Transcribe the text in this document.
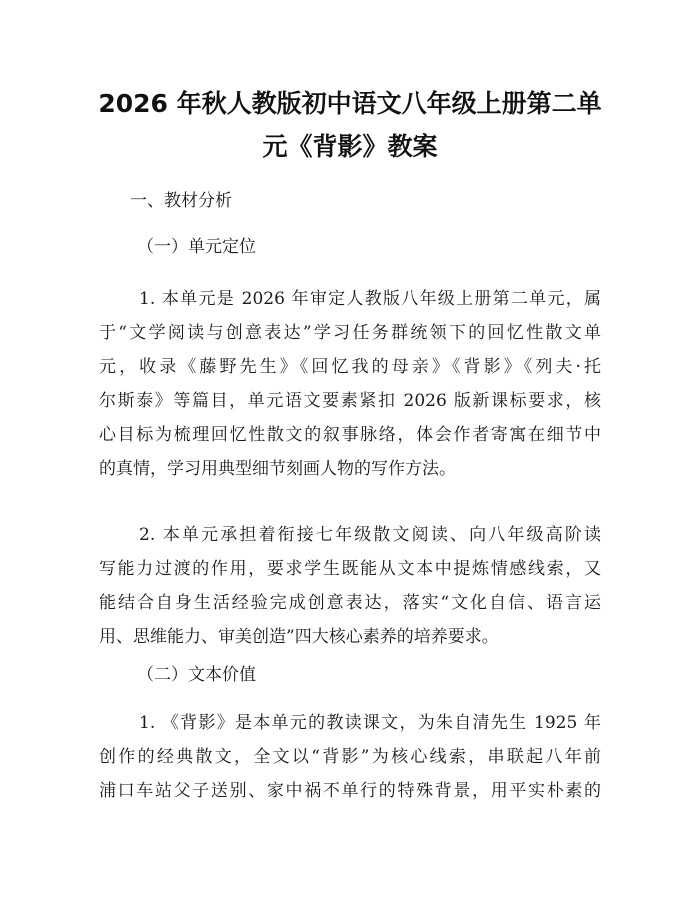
2026 年秋人教版初中语文八年级上册第二单
元《背影》教案
一、教材分析
（一）单元定位
1. 本单元是 2026 年审定人教版八年级上册第二单元，属
于“文学阅读与创意表达”学习任务群统领下的回忆性散文单
元，收录《藤野先生》《回忆我的母亲》《背影》《列夫·托
尔斯泰》等篇目，单元语文要素紧扣 2026 版新课标要求，核
心目标为梳理回忆性散文的叙事脉络，体会作者寄寓在细节中
的真情，学习用典型细节刻画人物的写作方法。
2. 本单元承担着衔接七年级散文阅读、向八年级高阶读
写能力过渡的作用，要求学生既能从文本中提炼情感线索，又
能结合自身生活经验完成创意表达，落实“文化自信、语言运
用、思维能力、审美创造”四大核心素养的培养要求。
（二）文本价值
1. 《背影》是本单元的教读课文，为朱自清先生 1925 年
创作的经典散文，全文以“背影”为核心线索，串联起八年前
浦口车站父子送别、家中祸不单行的特殊背景，用平实朴素的
